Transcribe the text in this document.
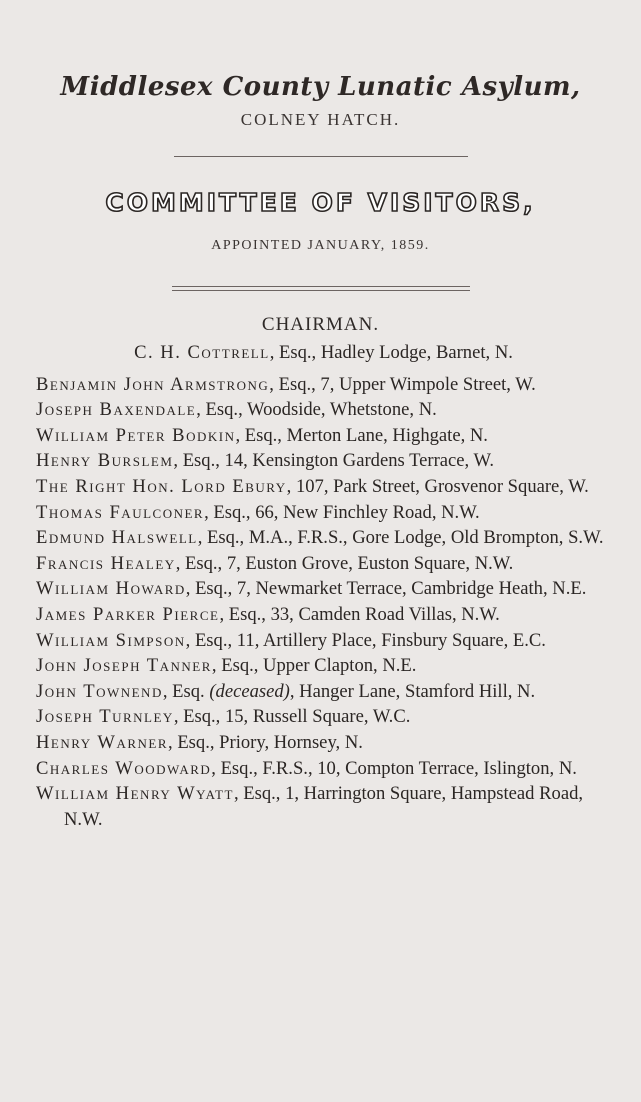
Middlesex County Lunatic Asylum,
COLNEY HATCH.
COMMITTEE OF VISITORS,
APPOINTED JANUARY, 1859.
CHAIRMAN.

C. H. Cottrell, Esq., Hadley Lodge, Barnet, N.

Benjamin John Armstrong, Esq., 7, Upper Wimpole Street, W.

Joseph Baxendale, Esq., Woodside, Whetstone, N.

William Peter Bodkin, Esq., Merton Lane, Highgate, N.

Henry Burslem, Esq., 14, Kensington Gardens Terrace, W.

The Right Hon. Lord Ebury, 107, Park Street, Grosvenor Square, W.

Thomas Faulconer, Esq., 66, New Finchley Road, N.W.

Edmund Halswell, Esq., M.A., F.R.S., Gore Lodge, Old Brompton, S.W.

Francis Healey, Esq., 7, Euston Grove, Euston Square, N.W.

William Howard, Esq., 7, Newmarket Terrace, Cambridge Heath, N.E.

James Parker Pierce, Esq., 33, Camden Road Villas, N.W.

William Simpson, Esq., 11, Artillery Place, Finsbury Square, E.C.

John Joseph Tanner, Esq., Upper Clapton, N.E.

John Townend, Esq. (deceased), Hanger Lane, Stamford Hill, N.

Joseph Turnley, Esq., 15, Russell Square, W.C.

Henry Warner, Esq., Priory, Hornsey, N.

Charles Woodward, Esq., F.R.S., 10, Compton Terrace, Islington, N.

William Henry Wyatt, Esq., 1, Harrington Square, Hampstead Road, N.W.
